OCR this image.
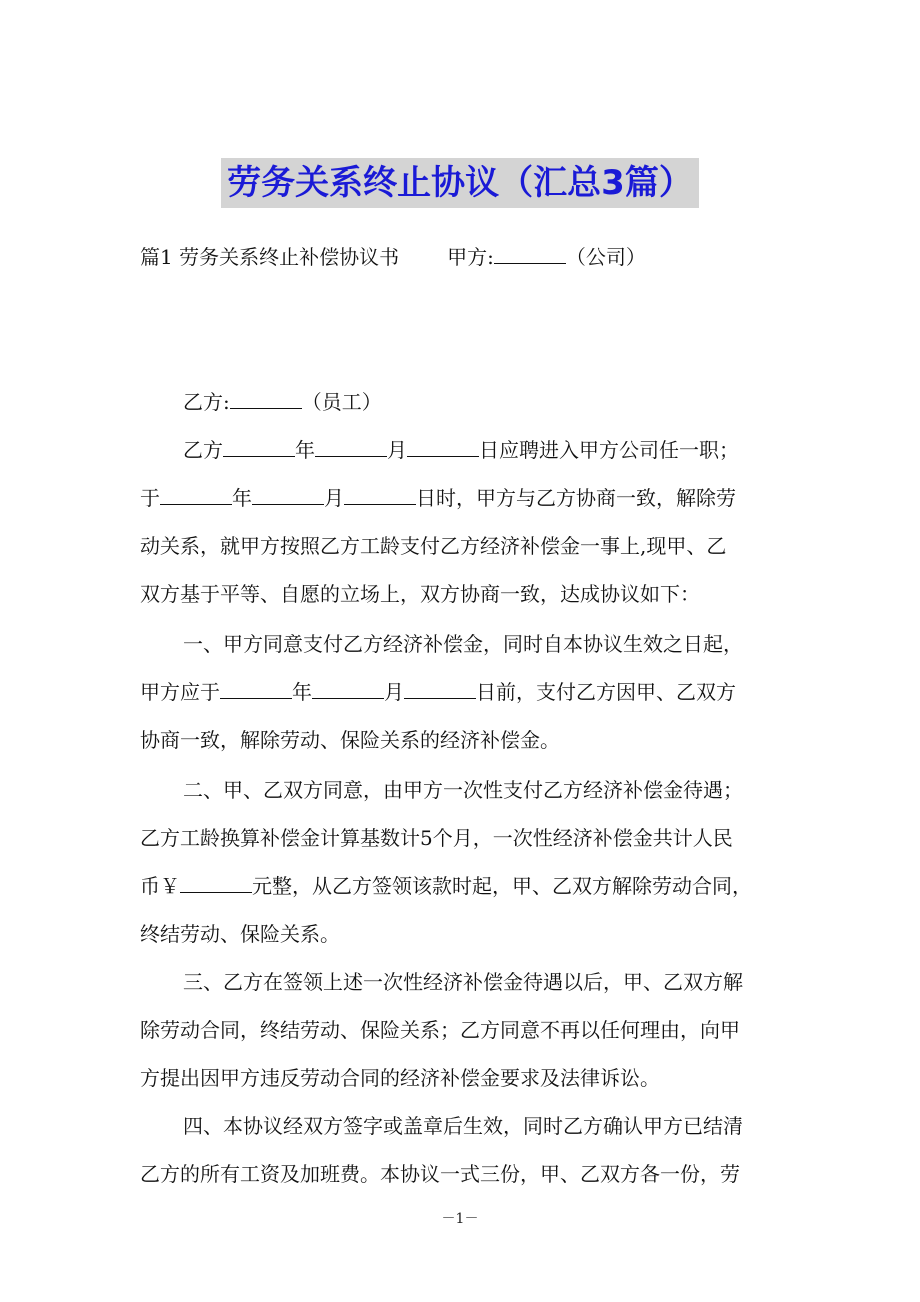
劳务关系终止协议（汇总3篇）
篇1 劳务关系终止补偿协议书 甲方:	（公司）
乙方:	（员工）
乙方	年	月	日应聘进入甲方公司任一职；
于	年	月	日时，甲方与乙方协商一致，解除劳
动关系，就甲方按照乙方工龄支付乙方经济补偿金一事上,现甲、乙
双方基于平等、自愿的立场上，双方协商一致，达成协议如下：
一、甲方同意支付乙方经济补偿金，同时自本协议生效之日起，
甲方应于	年	月	日前，支付乙方因甲、乙双方
协商一致，解除劳动、保险关系的经济补偿金。
二、甲、乙双方同意，由甲方一次性支付乙方经济补偿金待遇；
乙方工龄换算补偿金计算基数计5个月，一次性经济补偿金共计人民
币￥	元整，从乙方签领该款时起，甲、乙双方解除劳动合同，
终结劳动、保险关系。
三、乙方在签领上述一次性经济补偿金待遇以后，甲、乙双方解
除劳动合同，终结劳动、保险关系；乙方同意不再以任何理由，向甲
方提出因甲方违反劳动合同的经济补偿金要求及法律诉讼。
四、本协议经双方签字或盖章后生效，同时乙方确认甲方已结清
乙方的所有工资及加班费。本协议一式三份，甲、乙双方各一份，劳
－1－
